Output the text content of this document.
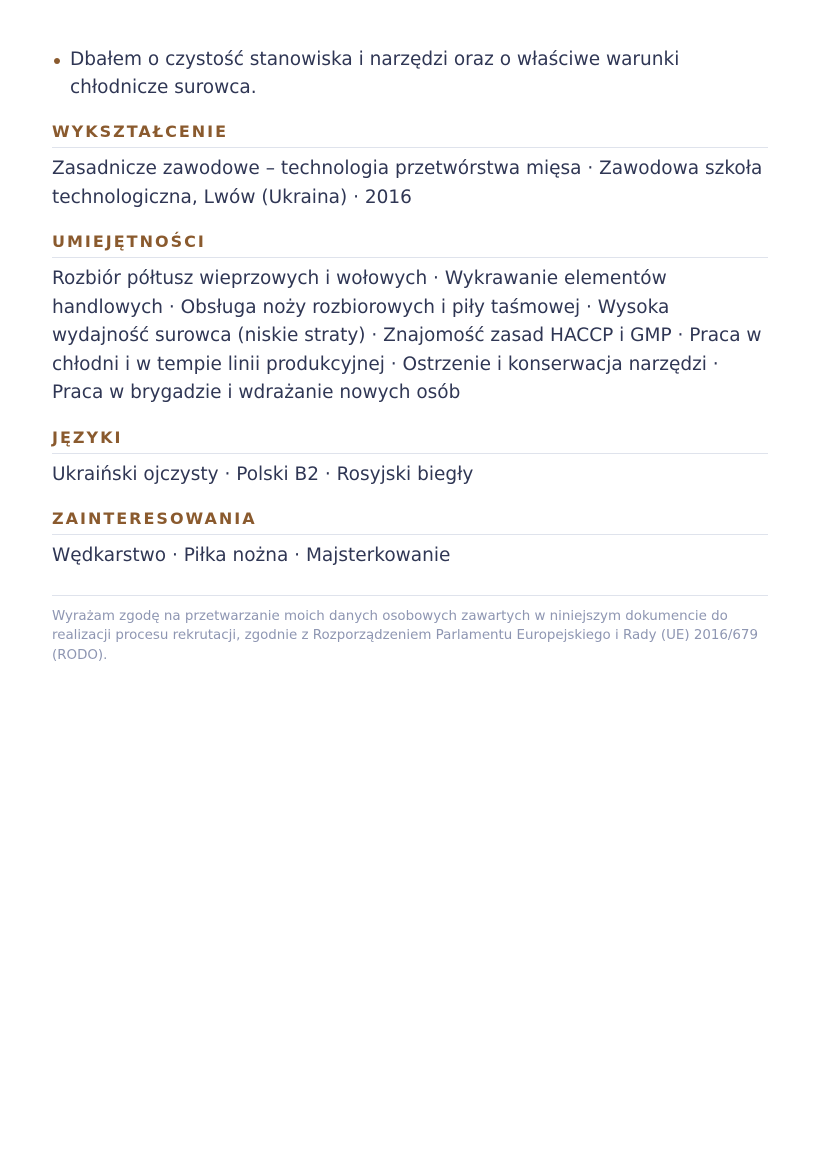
Dbałem o czystość stanowiska i narzędzi oraz o właściwe warunki chłodnicze surowca.
WYKSZTAŁCENIE
Zasadnicze zawodowe – technologia przetwórstwa mięsa · Zawodowa szkoła technologiczna, Lwów (Ukraina) · 2016
UMIEJĘTNOŚCI
Rozbiór półtusz wieprzowych i wołowych · Wykrawanie elementów handlowych · Obsługa noży rozbiorowych i piły taśmowej · Wysoka wydajność surowca (niskie straty) · Znajomość zasad HACCP i GMP · Praca w chłodni i w tempie linii produkcyjnej · Ostrzenie i konserwacja narzędzi · Praca w brygadzie i wdrażanie nowych osób
JĘZYKI
Ukraiński ojczysty · Polski B2 · Rosyjski biegły
ZAINTERESOWANIA
Wędkarstwo · Piłka nożna · Majsterkowanie

Wyrażam zgodę na przetwarzanie moich danych osobowych zawartych w niniejszym dokumencie do realizacji procesu rekrutacji, zgodnie z Rozporządzeniem Parlamentu Europejskiego i Rady (UE) 2016/679 (RODO).
